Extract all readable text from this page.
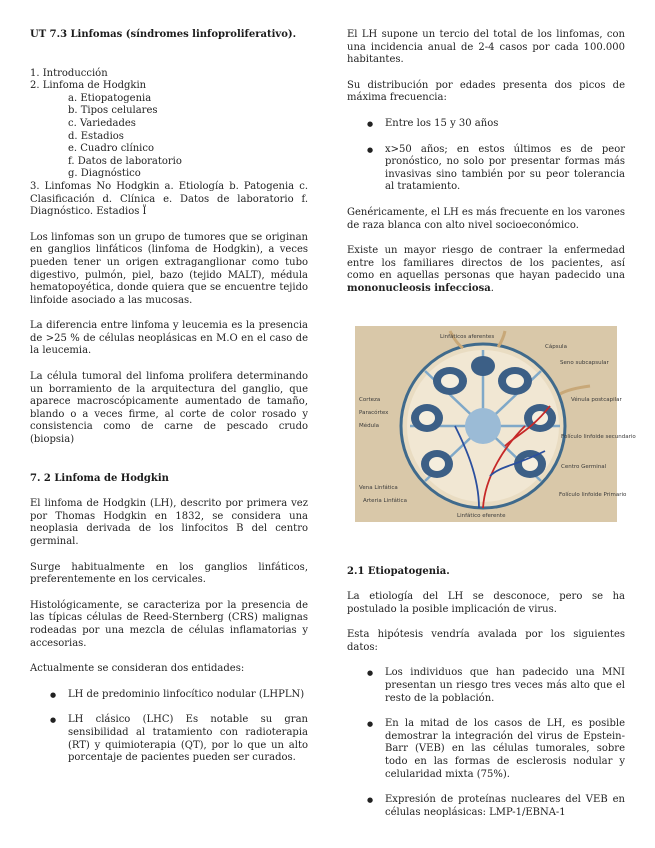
UT 7.3 Linfomas (síndromes linfoproliferativo).

1. Introducción

2. Linfoma de Hodgkin

a. Etiopatogenia

b. Tipos celulares

c. Variedades

d. Estadios

e. Cuadro clínico

f. Datos de laboratorio

g. Diagnóstico

3. Linfomas No Hodgkin a. Etiología b. Patogenia c. Clasificación d. Clínica e. Datos de laboratorio f. Diagnóstico. Estadios Ï

Los linfomas son un grupo de tumores que se originan en ganglios linfáticos (linfoma de Hodgkin), a veces pueden tener un origen extraganglionar como tubo digestivo, pulmón, piel, bazo (tejido MALT), médula hematopoyética, donde quiera que se encuentre tejido linfoide asociado a las mucosas.

La diferencia entre linfoma y leucemia es la presencia de >25 % de células neoplásicas en M.O en el caso de la leucemia.

La célula tumoral del linfoma prolifera determinando un borramiento de la arquitectura del ganglio, que aparece macroscópicamente aumentado de tamaño, blando o a veces firme, al corte de color rosado y consistencia como de carne de pescado crudo (biopsia)

7. 2 Linfoma de Hodgkin

El linfoma de Hodgkin (LH), descrito por primera vez por Thomas Hodgkin en 1832, se considera una neoplasia derivada de los linfocitos B del centro germinal.

Surge habitualmente en los ganglios linfáticos, preferentemente en los cervicales.

Histológicamente, se caracteriza por la presencia de las típicas células de Reed-Sternberg (CRS) malignas rodeadas por una mezcla de células inflamatorias y accesorias.

Actualmente se consideran dos entidades:

● LH de predominio linfocítico nodular (LHPLN)
● LH clásico (LHC) Es notable su gran sensibilidad al tratamiento con radioterapia (RT) y quimioterapia (QT), por lo que un alto porcentaje de pacientes pueden ser curados.

El LH supone un tercio del total de los linfomas, con una incidencia anual de 2-4 casos por cada 100.000 habitantes.

Su distribución por edades presenta dos picos de máxima frecuencia:

● Entre los 15 y 30 años
● x>50 años; en estos últimos es de peor pronóstico, no solo por presentar formas más invasivas sino también por su peor tolerancia al tratamiento.

Genéricamente, el LH es más frecuente en los varones de raza blanca con alto nivel socioeconómico.

Existe un mayor riesgo de contraer la enfermedad entre los familiares directos de los pacientes, así como en aquellas personas que hayan padecido una mononucleosis infecciosa.

Linfáticos aferentes
Cápsula
Seno subcapsular
Corteza
Paracórtex
Médula
Vénula postcapilar
Folículo linfoide secundario
Centro Germinal
Vena Linfática
Arteria Linfática
Folículo linfoide Primario
Linfático eferente

2.1 Etiopatogenia.

La etiología del LH se desconoce, pero se ha postulado la posible implicación de virus.

Esta hipótesis vendría avalada por los siguientes datos:

● Los individuos que han padecido una MNI presentan un riesgo tres veces más alto que el resto de la población.
● En la mitad de los casos de LH, es posible demostrar la integración del virus de Epstein-Barr (VEB) en las células tumorales, sobre todo en las formas de esclerosis nodular y celularidad mixta (75%).
● Expresión de proteínas nucleares del VEB en células neoplásicas: LMP-1/EBNA-1
